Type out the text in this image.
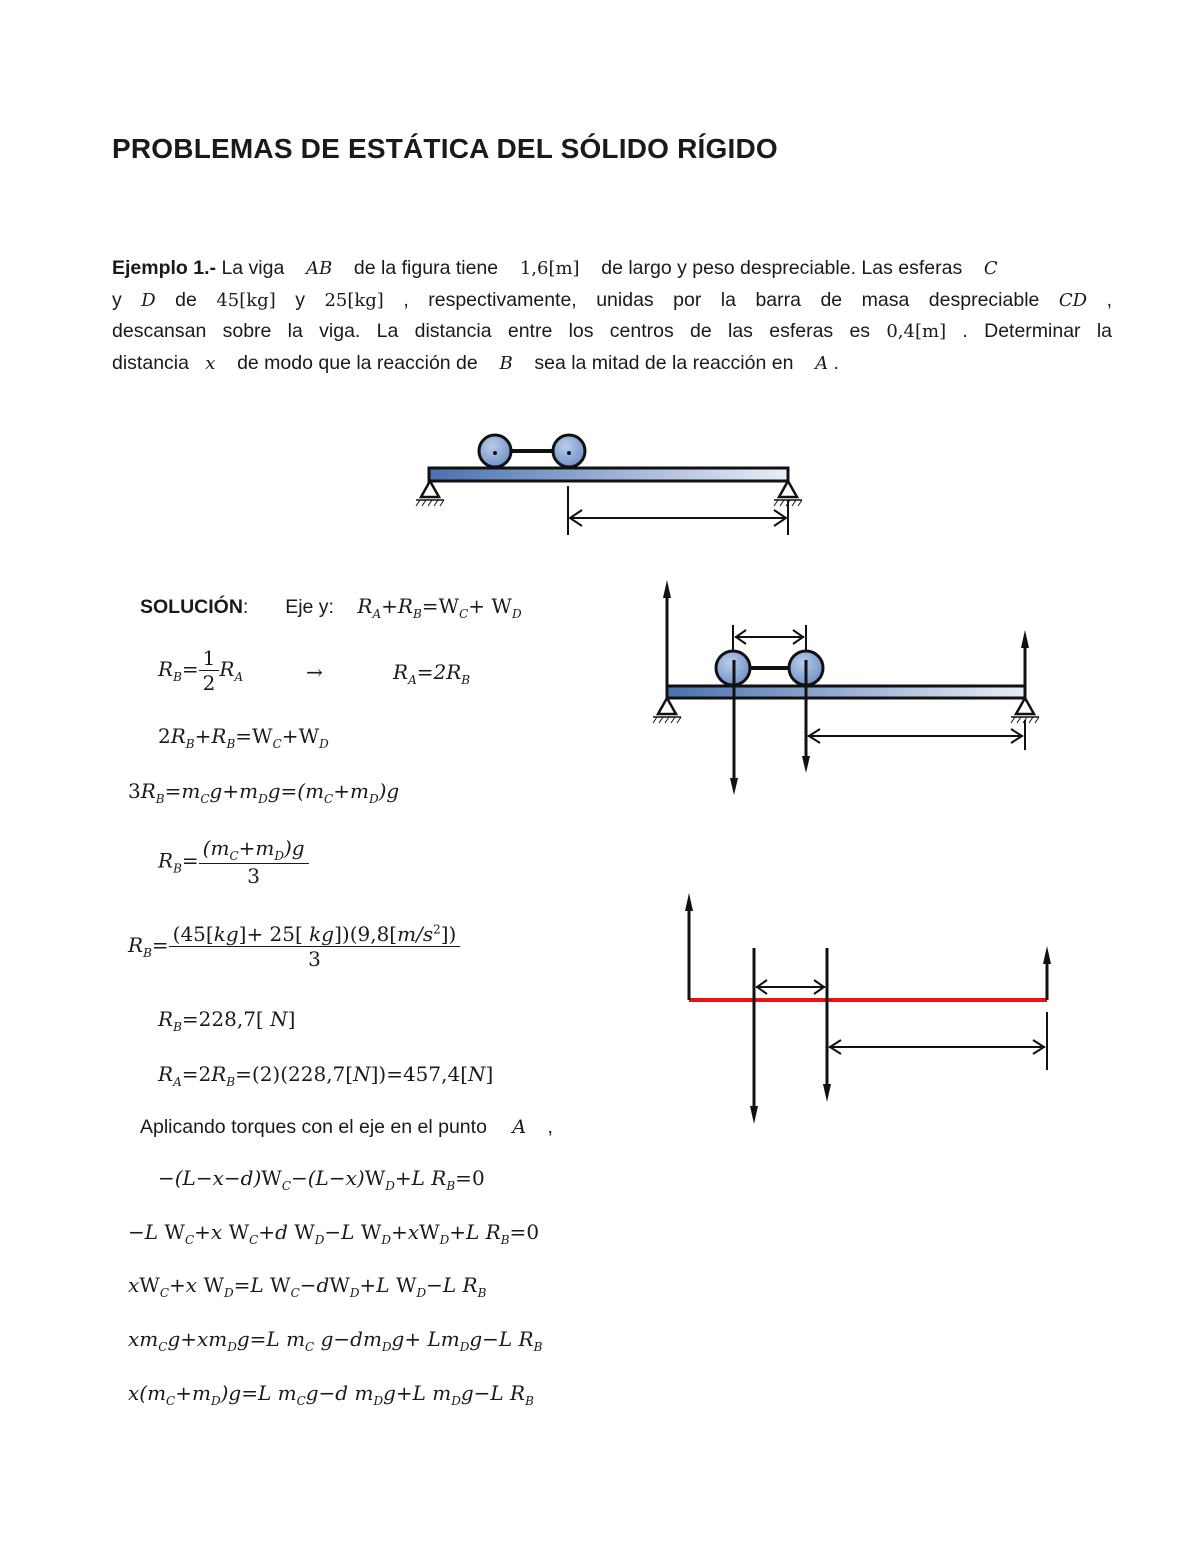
PROBLEMAS DE ESTÁTICA DEL SÓLIDO RÍGIDO
Ejemplo 1.- La viga    AB    de la figura tiene    1,6[m]    de largo y peso despreciable. Las esferas    C
y D de 45[kg] y 25[kg] , respectivamente, unidas por la barra de masa despreciable CD ,
descansan sobre la viga. La distancia entre los centros de las esferas es 0,4[m] . Determinar la
distancia   x    de modo que la reacción de    B    sea la mitad de la reacción en    A .
SOLUCIÓN: Eje y: $R_A+R_B=W_C+ W_D$
$R_B= \frac{1}{2} R_A$	→	$R_A=2R_B$
$2R_B+R_B=W_C+W_D$
$3R_B=m_Cg+m_Dg=(m_C+m_D)g$
$R_B= \frac{(m_C+m_D)g}{3}$
$R_B= \frac{(45[kg]+ 25[ kg])(9,8[m/s^2])}{3}$
$R_B=228,7$[ N]
$R_A=2R_B=(2)(228,7[N])=457,4[N]$
Aplicando torques con el eje en el punto A ,
$-(L-x-d)W_C-(L-x)W_D+L$ $R_B=0$
−L $W_C+x$ $W_C+d$ $W_D-L$ $W_D+xW_D+L$ $R_B=0$
$xW_C+x$ $W_D=L$ $W_C-dW_D+L$ $W_D-L$ $R_B$
$xm_Cg+xm_Dg=L$ $m_C$ $g-dm_Dg+ Lm_Dg-L$ $R_B$
$x(m_C+m_D)g=L$ $m_Cg-d$ $m_Dg+L$ $m_Dg-L$ $R_B$
